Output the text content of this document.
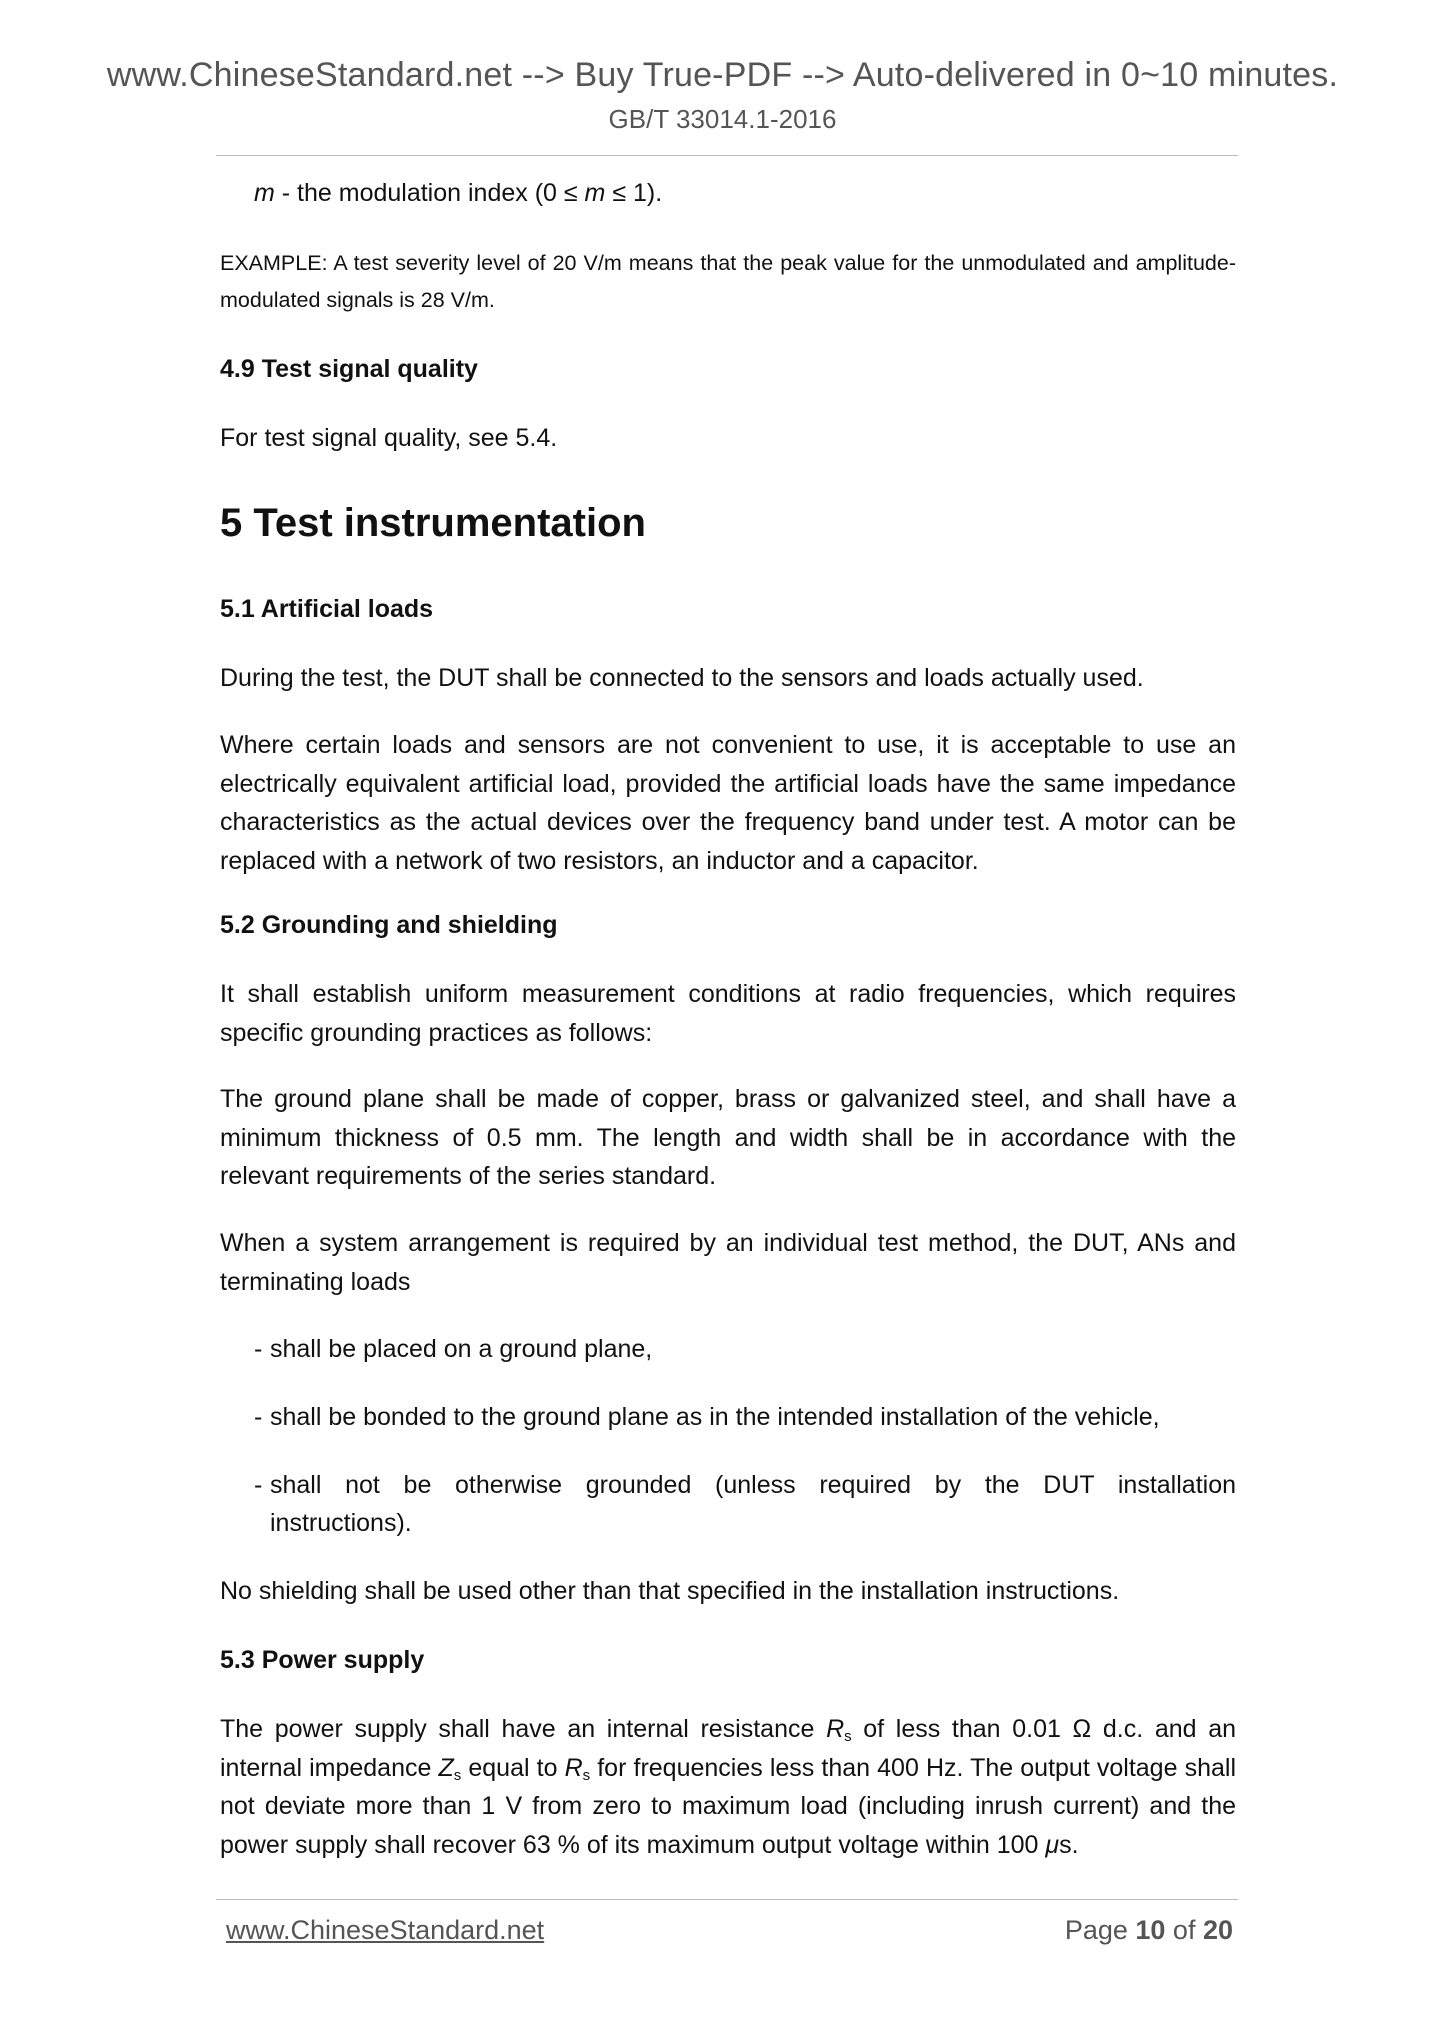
www.ChineseStandard.net --> Buy True-PDF --> Auto-delivered in 0~10 minutes.
GB/T 33014.1-2016
m - the modulation index (0 ≤ m ≤ 1).
EXAMPLE: A test severity level of 20 V/m means that the peak value for the unmodulated and amplitude-modulated signals is 28 V/m.
4.9 Test signal quality
For test signal quality, see 5.4.
5 Test instrumentation
5.1 Artificial loads
During the test, the DUT shall be connected to the sensors and loads actually used.
Where certain loads and sensors are not convenient to use, it is acceptable to use an electrically equivalent artificial load, provided the artificial loads have the same impedance characteristics as the actual devices over the frequency band under test. A motor can be replaced with a network of two resistors, an inductor and a capacitor.
5.2 Grounding and shielding
It shall establish uniform measurement conditions at radio frequencies, which requires specific grounding practices as follows:
The ground plane shall be made of copper, brass or galvanized steel, and shall have a minimum thickness of 0.5 mm. The length and width shall be in accordance with the relevant requirements of the series standard.
When a system arrangement is required by an individual test method, the DUT, ANs and terminating loads
- shall be placed on a ground plane,
- shall be bonded to the ground plane as in the intended installation of the vehicle,
- shall not be otherwise grounded (unless required by the DUT installation
instructions).
No shielding shall be used other than that specified in the installation instructions.
5.3 Power supply
The power supply shall have an internal resistance $R_s$ of less than 0.01 Ω d.c. and an internal impedance $Z_s$ equal to $R_s$ for frequencies less than 400 Hz. The output voltage shall not deviate more than 1 V from zero to maximum load (including inrush current) and the power supply shall recover 63 % of its maximum output voltage within 100 μs.
www.ChineseStandard.net	Page 10 of 20
